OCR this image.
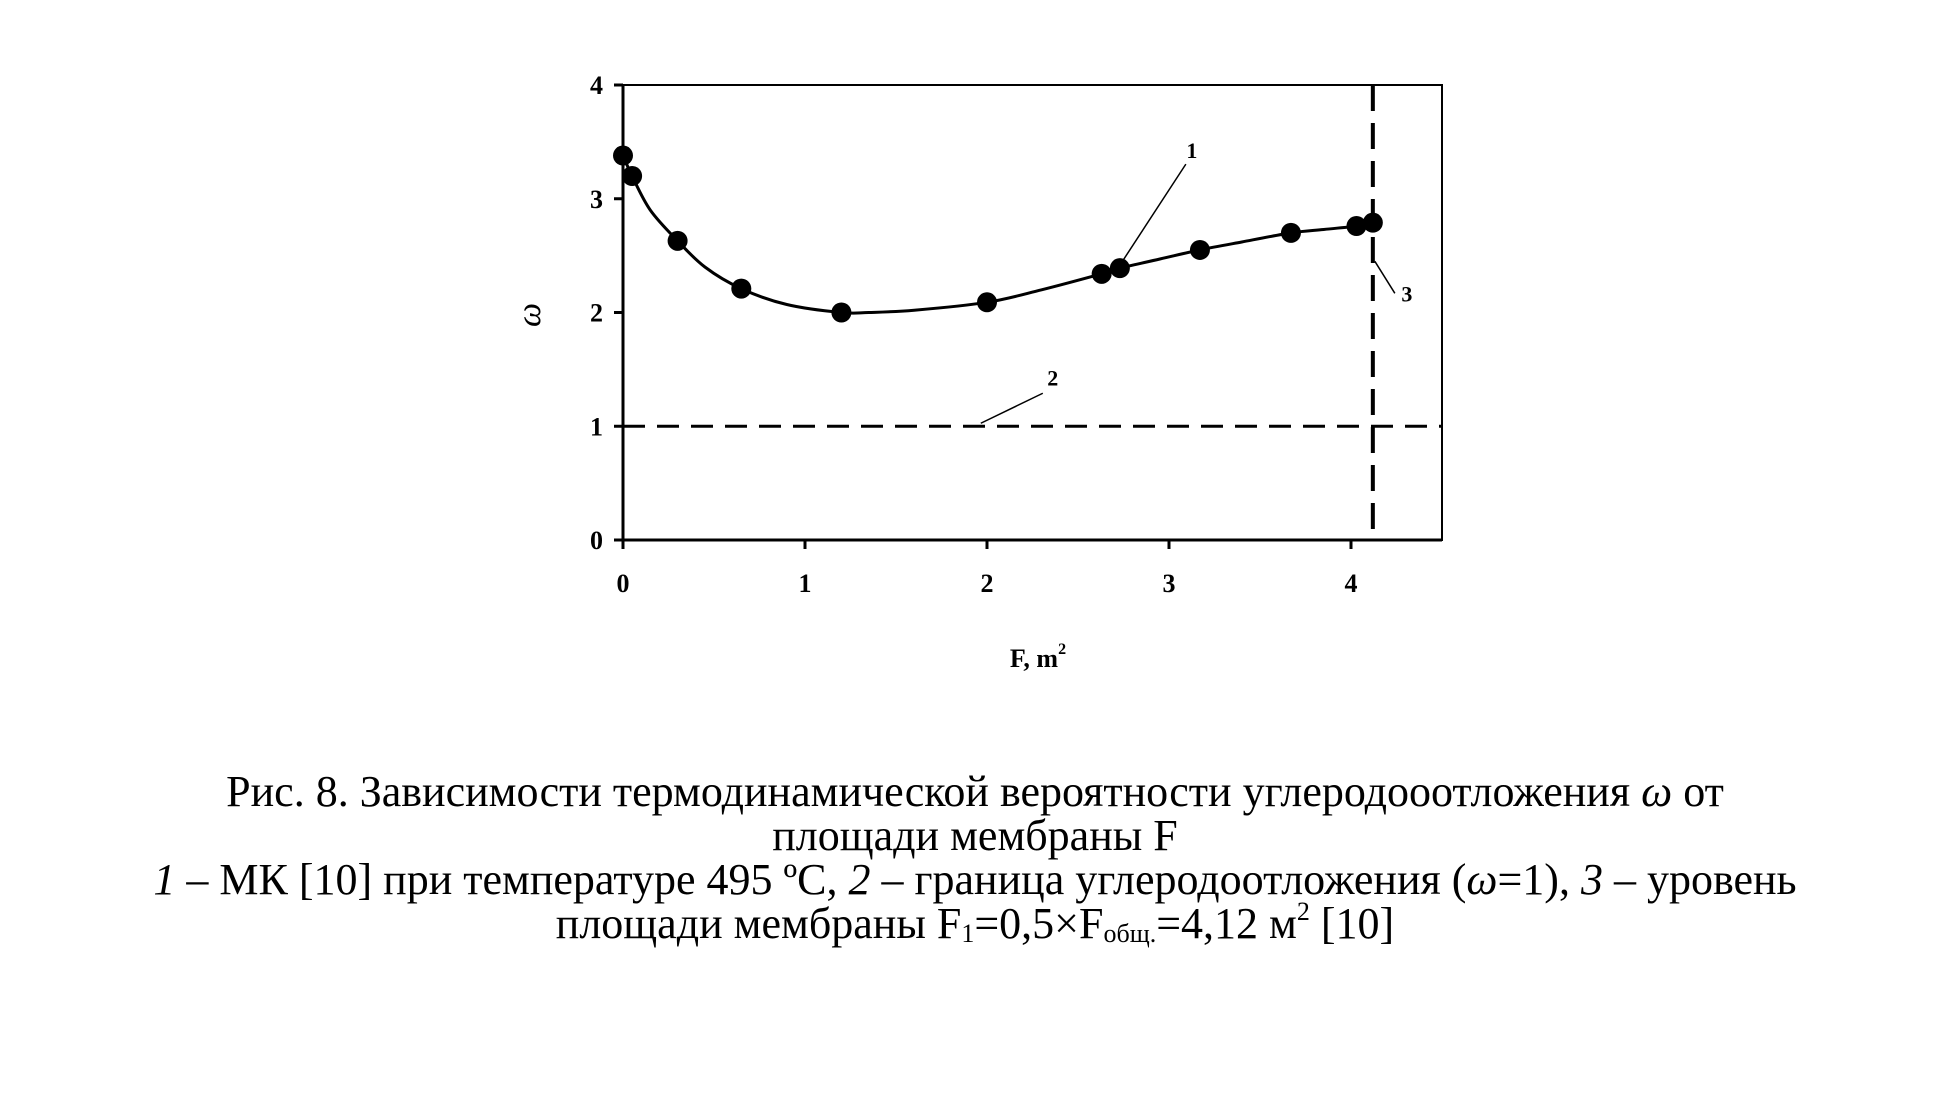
0
1
2
3
4
0	1	2	3	4
1
2
3
ω
F, $m^2$
Рис. 8. Зависимости термодинамической вероятности углеродооотложения ω от
площади мембраны F
1 – МК [10] при температуре 495 ºC, 2 – граница углеродоотложения (ω=1), 3 – уровень
площади мембраны $F_1=0,5\times F_{общ.}=4,12$ $м^2$ [10]
